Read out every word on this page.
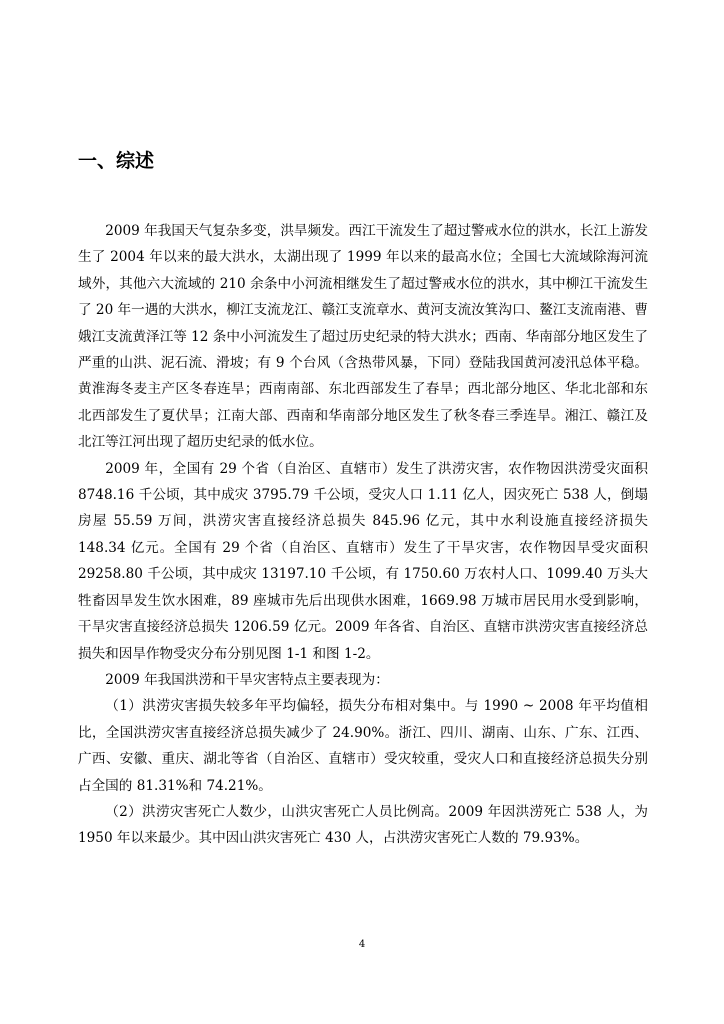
一、综述

2009 年我国天气复杂多变，洪旱频发。西江干流发生了超过警戒水位的洪水，长江上游发生了 2004 年以来的最大洪水，太湖出现了 1999 年以来的最高水位；全国七大流域除海河流域外，其他六大流域的 210 余条中小河流相继发生了超过警戒水位的洪水，其中柳江干流发生了 20 年一遇的大洪水，柳江支流龙江、赣江支流章水、黄河支流汝箕沟口、鳌江支流南港、曹娥江支流黄泽江等 12 条中小河流发生了超过历史纪录的特大洪水；西南、华南部分地区发生了严重的山洪、泥石流、滑坡；有 9 个台风（含热带风暴，下同）登陆我国黄河凌汛总体平稳。黄淮海冬麦主产区冬春连旱；西南南部、东北西部发生了春旱；西北部分地区、华北北部和东北西部发生了夏伏旱；江南大部、西南和华南部分地区发生了秋冬春三季连旱。湘江、赣江及北江等江河出现了超历史纪录的低水位。

2009 年，全国有 29 个省（自治区、直辖市）发生了洪涝灾害，农作物因洪涝受灾面积 8748.16 千公顷，其中成灾 3795.79 千公顷，受灾人口 1.11 亿人，因灾死亡 538 人，倒塌房屋 55.59 万间，洪涝灾害直接经济总损失 845.96 亿元，其中水利设施直接经济损失 148.34 亿元。全国有 29 个省（自治区、直辖市）发生了干旱灾害，农作物因旱受灾面积 29258.80 千公顷，其中成灾 13197.10 千公顷，有 1750.60 万农村人口、1099.40 万头大牲畜因旱发生饮水困难，89 座城市先后出现供水困难，1669.98 万城市居民用水受到影响，干旱灾害直接经济总损失 1206.59 亿元。2009 年各省、自治区、直辖市洪涝灾害直接经济总损失和因旱作物受灾分布分别见图 1-1 和图 1-2。

2009 年我国洪涝和干旱灾害特点主要表现为：

（1）洪涝灾害损失较多年平均偏轻，损失分布相对集中。与 1990 ~ 2008 年平均值相比，全国洪涝灾害直接经济总损失减少了 24.90%。浙江、四川、湖南、山东、广东、江西、广西、安徽、重庆、湖北等省（自治区、直辖市）受灾较重，受灾人口和直接经济总损失分别占全国的 81.31%和 74.21%。

（2）洪涝灾害死亡人数少，山洪灾害死亡人员比例高。2009 年因洪涝死亡 538 人，为 1950 年以来最少。其中因山洪灾害死亡 430 人，占洪涝灾害死亡人数的 79.93%。

4
